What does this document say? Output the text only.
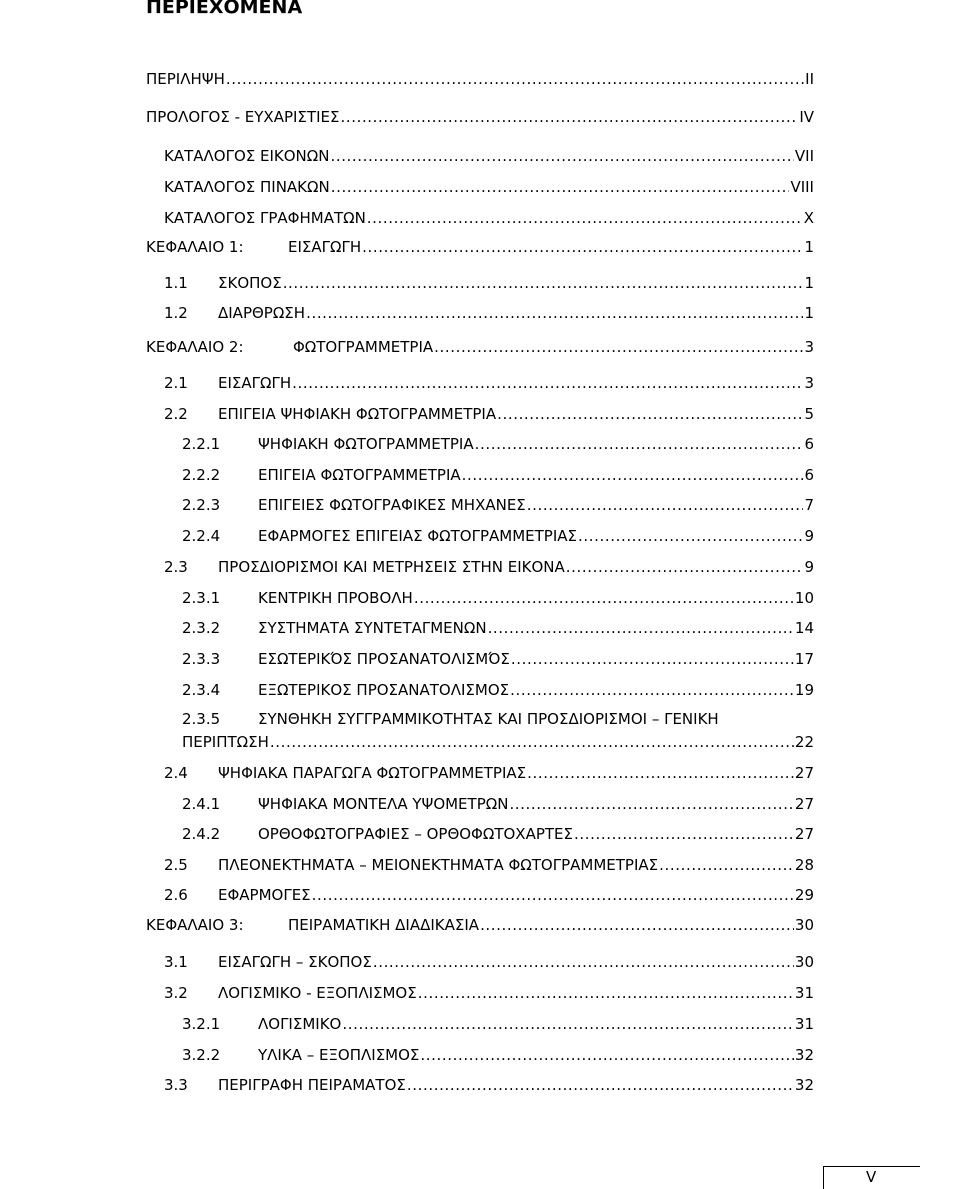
ΠΕΡΙΕΧΟΜΕΝΑ
ΠΕΡΙΛΗΨΗ .....	II
ΠΡΟΛΟΓΟΣ - ΕΥΧΑΡΙΣΤΙΕΣ .....	IV
ΚΑΤΑΛΟΓΟΣ ΕΙΚΟΝΩΝ .....	VII
ΚΑΤΑΛΟΓΟΣ ΠΙΝΑΚΩΝ .....	VIII
ΚΑΤΑΛΟΓΟΣ ΓΡΑΦΗΜΑΤΩΝ .....	X
ΚΕΦΑΛΑΙΟ 1:	ΕΙΣΑΓΩΓΗ .....	1
1.1	ΣΚΟΠΟΣ .....	1
1.2	ΔΙΑΡΘΡΩΣΗ .....	1
ΚΕΦΑΛΑΙΟ 2:	ΦΩΤΟΓΡΑΜΜΕΤΡΙΑ .....	3
2.1	ΕΙΣΑΓΩΓΗ .....	3
2.2	ΕΠΙΓΕΙΑ ΨΗΦΙΑΚΗ ΦΩΤΟΓΡΑΜΜΕΤΡΙΑ .....	5
2.2.1	ΨΗΦΙΑΚΗ ΦΩΤΟΓΡΑΜΜΕΤΡΙΑ .....	6
2.2.2	ΕΠΙΓΕΙΑ ΦΩΤΟΓΡΑΜΜΕΤΡΙΑ .....	6
2.2.3	ΕΠΙΓΕΙΕΣ ΦΩΤΟΓΡΑΦΙΚΕΣ ΜΗΧΑΝΕΣ .....	7
2.2.4	ΕΦΑΡΜΟΓΕΣ ΕΠΙΓΕΙΑΣ ΦΩΤΟΓΡΑΜΜΕΤΡΙΑΣ .....	9
2.3	ΠΡΟΣΔΙΟΡΙΣΜΟΙ ΚΑΙ ΜΕΤΡΗΣΕΙΣ ΣΤΗΝ ΕΙΚΟΝΑ .....	9
2.3.1	ΚΕΝΤΡΙΚΗ ΠΡΟΒΟΛΗ .....	10
2.3.2	ΣΥΣΤΗΜΑΤΑ ΣΥΝΤΕΤΑΓΜΕΝΩΝ .....	14
2.3.3	ΕΣΩΤΕΡΙΚΌΣ ΠΡΟΣΑΝΑΤΟΛΙΣΜΌΣ .....	17
2.3.4	ΕΞΩΤΕΡΙΚΟΣ ΠΡΟΣΑΝΑΤΟΛΙΣΜΟΣ .....	19
2.3.5	ΣΥΝΘΗΚΗ ΣΥΓΓΡΑΜΜΙΚΟΤΗΤΑΣ ΚΑΙ ΠΡΟΣΔΙΟΡΙΣΜΟΙ – ΓΕΝΙΚΗ
ΠΕΡΙΠΤΩΣΗ .....	22
2.4	ΨΗΦΙΑΚΑ ΠΑΡΑΓΩΓΑ ΦΩΤΟΓΡΑΜΜΕΤΡΙΑΣ .....	27
2.4.1	ΨΗΦΙΑΚΑ ΜΟΝΤΕΛΑ ΥΨΟΜΕΤΡΩΝ .....	27
2.4.2	ΟΡΘΟΦΩΤΟΓΡΑΦΙΕΣ – ΟΡΘΟΦΩΤΟΧΑΡΤΕΣ .....	27
2.5	ΠΛΕΟΝΕΚΤΗΜΑΤΑ – ΜΕΙΟΝΕΚΤΗΜΑΤΑ ΦΩΤΟΓΡΑΜΜΕΤΡΙΑΣ .....	28
2.6	ΕΦΑΡΜΟΓΕΣ .....	29
ΚΕΦΑΛΑΙΟ 3:	ΠΕΙΡΑΜΑΤΙΚΗ ΔΙΑΔΙΚΑΣΙΑ .....	30
3.1	ΕΙΣΑΓΩΓΗ – ΣΚΟΠΟΣ .....	30
3.2	ΛΟΓΙΣΜΙΚΟ - ΕΞΟΠΛΙΣΜΟΣ .....	31
3.2.1	ΛΟΓΙΣΜΙΚΟ .....	31
3.2.2	ΥΛΙΚΑ – ΕΞΟΠΛΙΣΜΟΣ .....	32
3.3	ΠΕΡΙΓΡΑΦΗ ΠΕΙΡΑΜΑΤΟΣ .....	32
V
